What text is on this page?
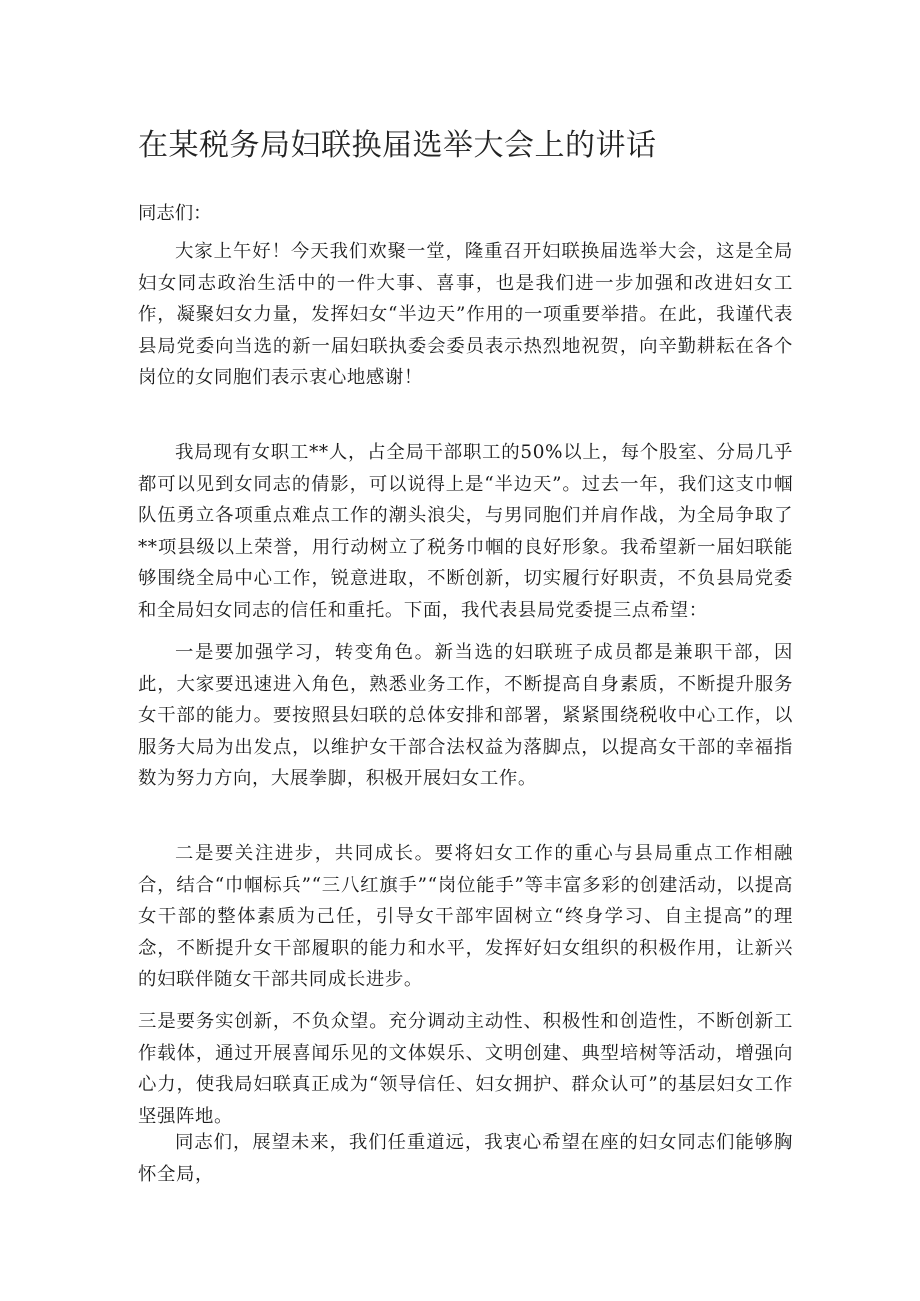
在某税务局妇联换届选举大会上的讲话
同志们：

大家上午好！今天我们欢聚一堂，隆重召开妇联换届选举大会，这是全局妇女同志政治生活中的一件大事、喜事，也是我们进一步加强和改进妇女工作，凝聚妇女力量，发挥妇女“半边天”作用的一项重要举措。在此，我谨代表县局党委向当选的新一届妇联执委会委员表示热烈地祝贺，向辛勤耕耘在各个岗位的女同胞们表示衷心地感谢！

我局现有女职工**人，占全局干部职工的50%以上，每个股室、分局几乎都可以见到女同志的倩影，可以说得上是“半边天”。过去一年，我们这支巾帼队伍勇立各项重点难点工作的潮头浪尖，与男同胞们并肩作战，为全局争取了**项县级以上荣誉，用行动树立了税务巾帼的良好形象。我希望新一届妇联能够围绕全局中心工作，锐意进取，不断创新，切实履行好职责，不负县局党委和全局妇女同志的信任和重托。下面，我代表县局党委提三点希望：

一是要加强学习，转变角色。新当选的妇联班子成员都是兼职干部，因此，大家要迅速进入角色，熟悉业务工作，不断提高自身素质，不断提升服务女干部的能力。要按照县妇联的总体安排和部署，紧紧围绕税收中心工作，以服务大局为出发点，以维护女干部合法权益为落脚点，以提高女干部的幸福指数为努力方向，大展拳脚，积极开展妇女工作。

二是要关注进步，共同成长。要将妇女工作的重心与县局重点工作相融合，结合“巾帼标兵”“三八红旗手”“岗位能手”等丰富多彩的创建活动，以提高女干部的整体素质为己任，引导女干部牢固树立“终身学习、自主提高”的理念，不断提升女干部履职的能力和水平，发挥好妇女组织的积极作用，让新兴的妇联伴随女干部共同成长进步。

三是要务实创新，不负众望。充分调动主动性、积极性和创造性，不断创新工作载体，通过开展喜闻乐见的文体娱乐、文明创建、典型培树等活动，增强向心力，使我局妇联真正成为“领导信任、妇女拥护、群众认可”的基层妇女工作坚强阵地。

同志们，展望未来，我们任重道远，我衷心希望在座的妇女同志们能够胸怀全局，
